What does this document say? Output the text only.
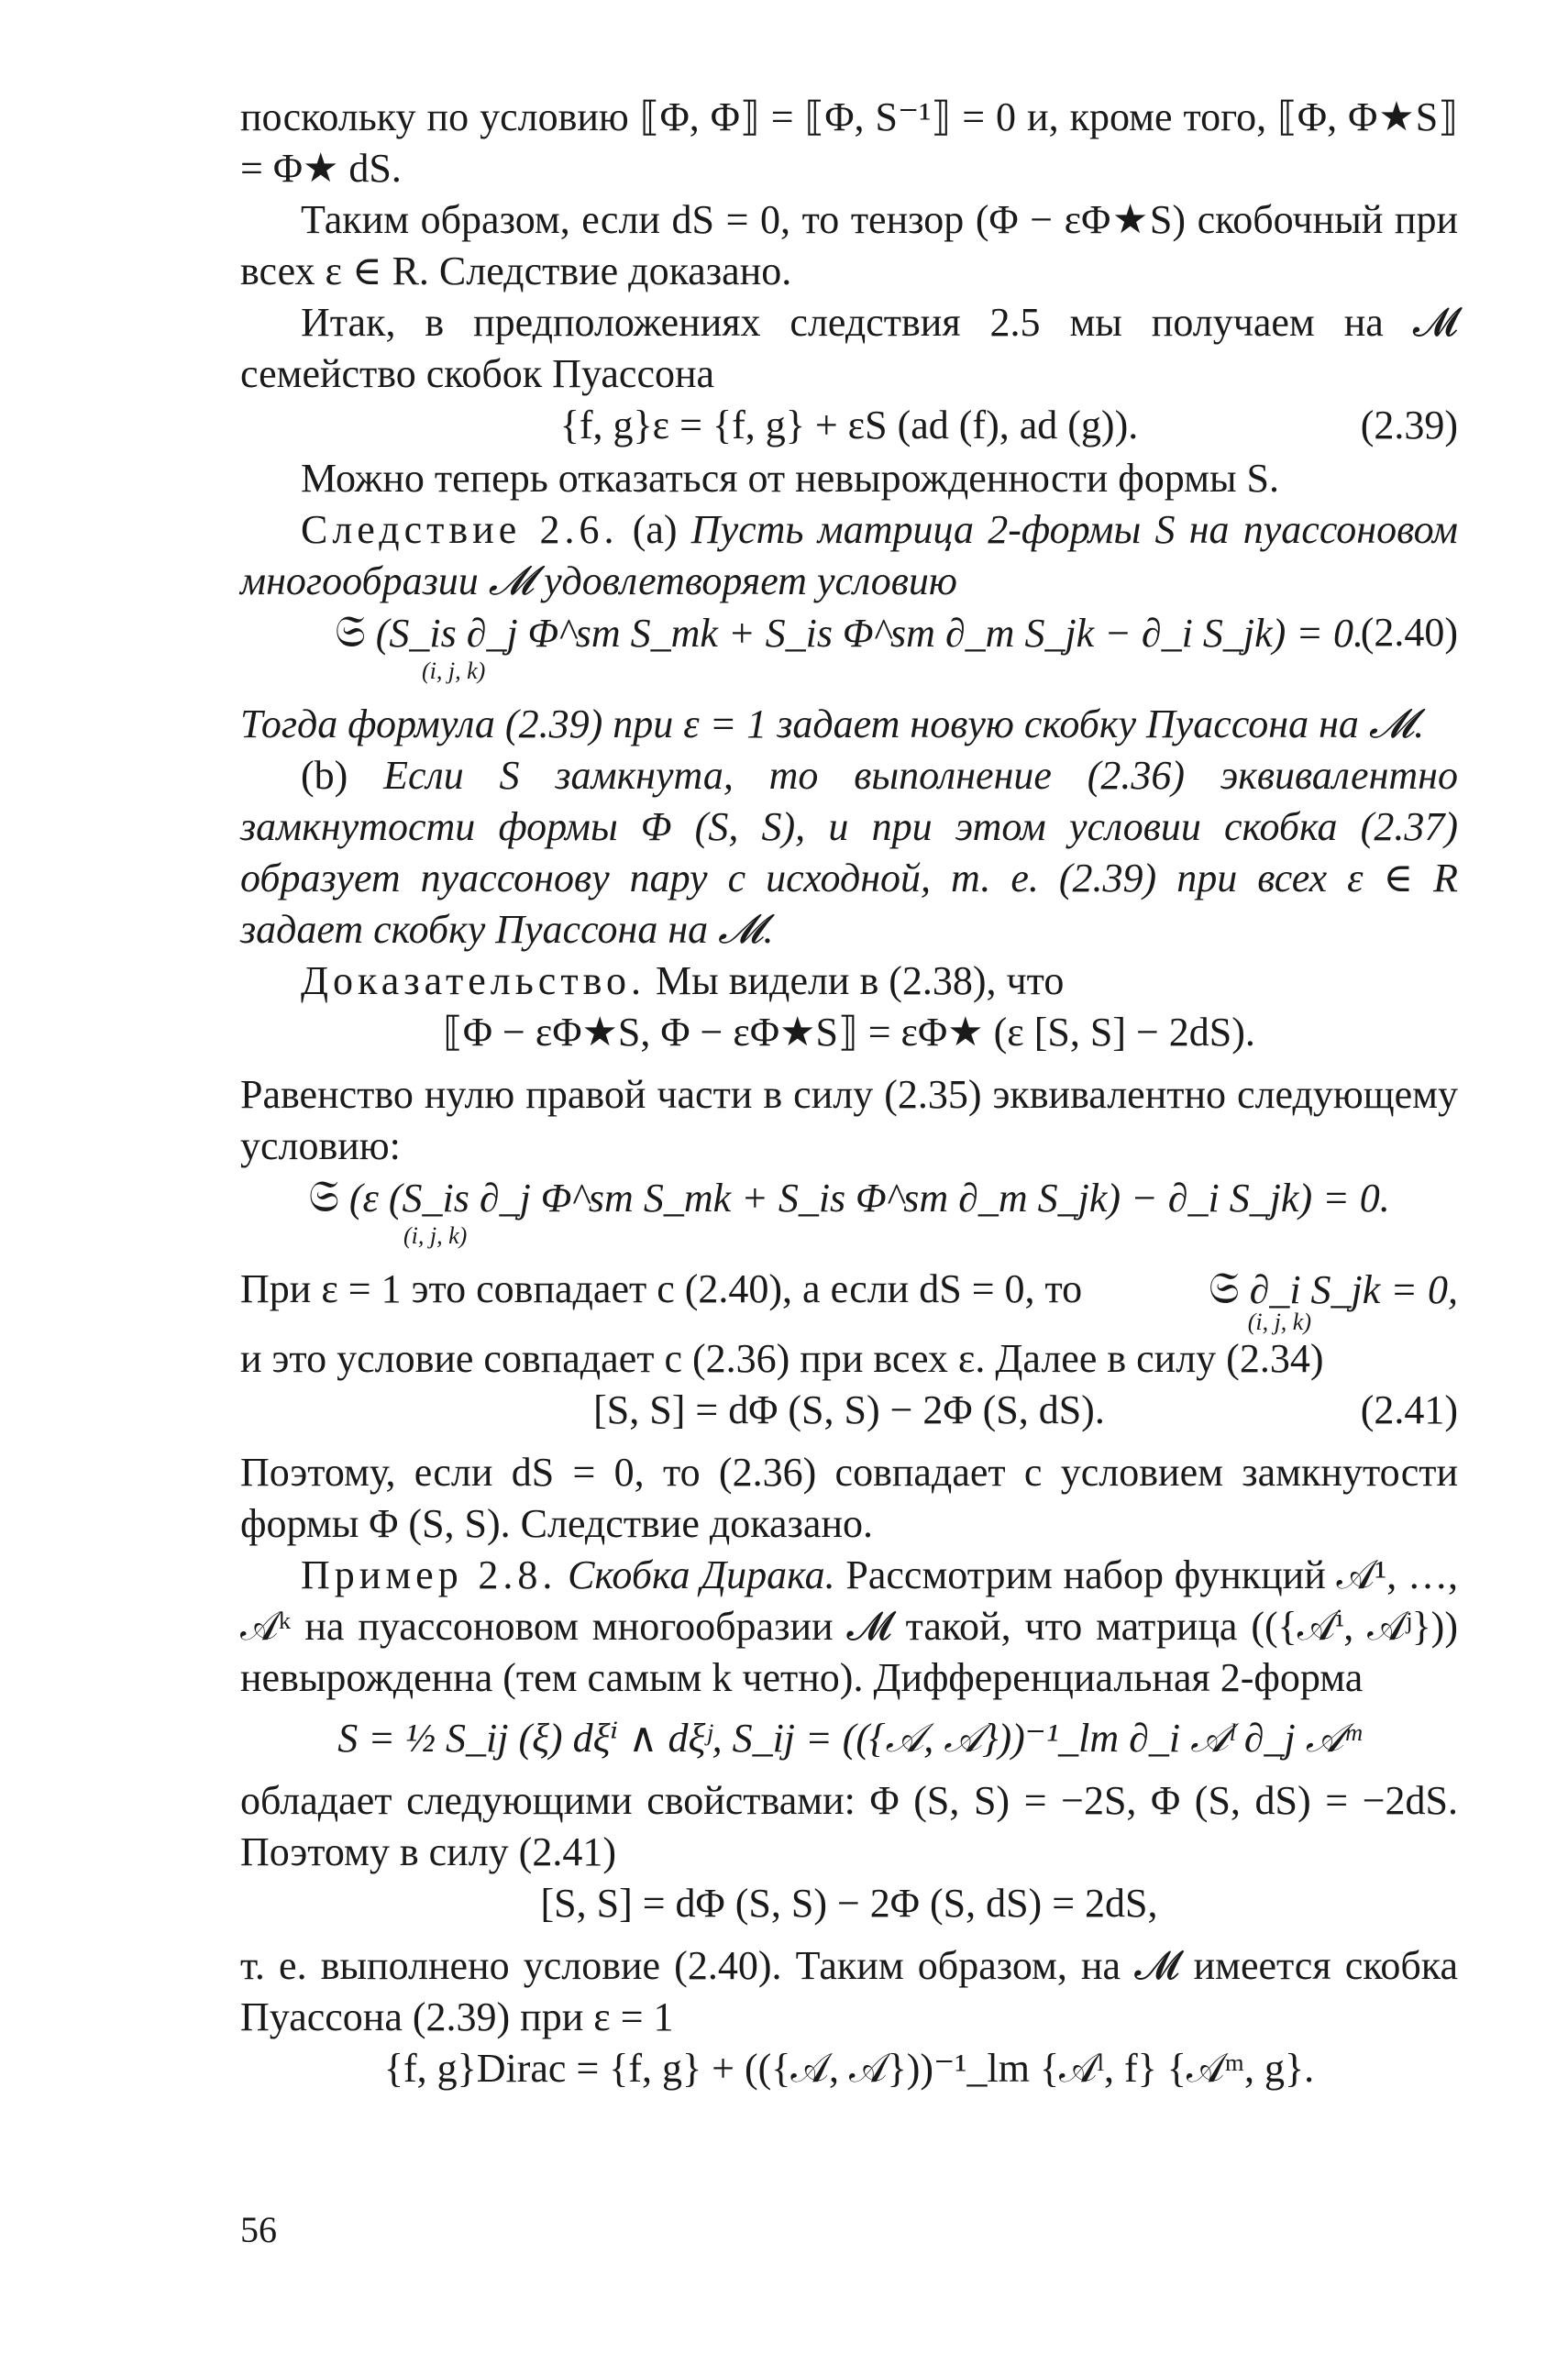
поскольку по условию ⟦Φ, Φ⟧ = ⟦Φ, S⁻¹⟧ = 0 и, кроме того, ⟦Φ, Φ★S⟧ = Φ★ dS.

Таким образом, если dS = 0, то тензор (Φ − εΦ★S) скобочный при всех ε ∈ R. Следствие доказано.

Итак, в предположениях следствия 2.5 мы получаем на 𝓜 семейство скобок Пуассона

{f, g}ε = {f, g} + εS (ad (f), ad (g)).	(2.39)

Можно теперь отказаться от невырожденности формы S.

Следствие 2.6. (a) Пусть матрица 2-формы S на пуассоновом многообразии 𝓜 удовлетворяет условию

𝔖 (S_is ∂_j Φ^sm S_mk + S_is Φ^sm ∂_m S_jk − ∂_i S_jk) = 0.
(i, j, k)
(2.40)

Тогда формула (2.39) при ε = 1 задает новую скобку Пуассона на 𝓜.

(b) Если S замкнута, то выполнение (2.36) эквивалентно замкнутости формы Φ (S, S), и при этом условии скобка (2.37) образует пуассонову пару с исходной, т. е. (2.39) при всех ε ∈ R задает скобку Пуассона на 𝓜.

Доказательство. Мы видели в (2.38), что

⟦Φ − εΦ★S, Φ − εΦ★S⟧ = εΦ★ (ε [S, S] − 2dS).

Равенство нулю правой части в силу (2.35) эквивалентно следующему условию:

𝔖 (ε (S_is ∂_j Φ^sm S_mk + S_is Φ^sm ∂_m S_jk) − ∂_i S_jk) = 0.
(i, j, k)
При ε = 1 это совпадает с (2.40), а если dS = 0, то	𝔖 ∂_i S_jk = 0,
(i, j, k)

и это условие совпадает с (2.36) при всех ε. Далее в силу (2.34)

[S, S] = dΦ (S, S) − 2Φ (S, dS).	(2.41)

Поэтому, если dS = 0, то (2.36) совпадает с условием замкнутости формы Φ (S, S). Следствие доказано.

Пример 2.8. Скобка Дирака. Рассмотрим набор функций 𝒜¹, …, 𝒜ᵏ на пуассоновом многообразии 𝓜 такой, что матрица (({𝒜ⁱ, 𝒜ʲ})) невырожденна (тем самым k четно). Дифференциальная 2-форма

S = ½ S_ij (ξ) dξⁱ ∧ dξʲ, S_ij = (({𝒜, 𝒜}))⁻¹_lm ∂_i 𝒜ˡ ∂_j 𝒜ᵐ

обладает следующими свойствами: Φ (S, S) = −2S, Φ (S, dS) = −2dS. Поэтому в силу (2.41)

[S, S] = dΦ (S, S) − 2Φ (S, dS) = 2dS,

т. е. выполнено условие (2.40). Таким образом, на 𝓜 имеется скобка Пуассона (2.39) при ε = 1

{f, g}Dirac = {f, g} + (({𝒜, 𝒜}))⁻¹_lm {𝒜ˡ, f} {𝒜ᵐ, g}.
56
